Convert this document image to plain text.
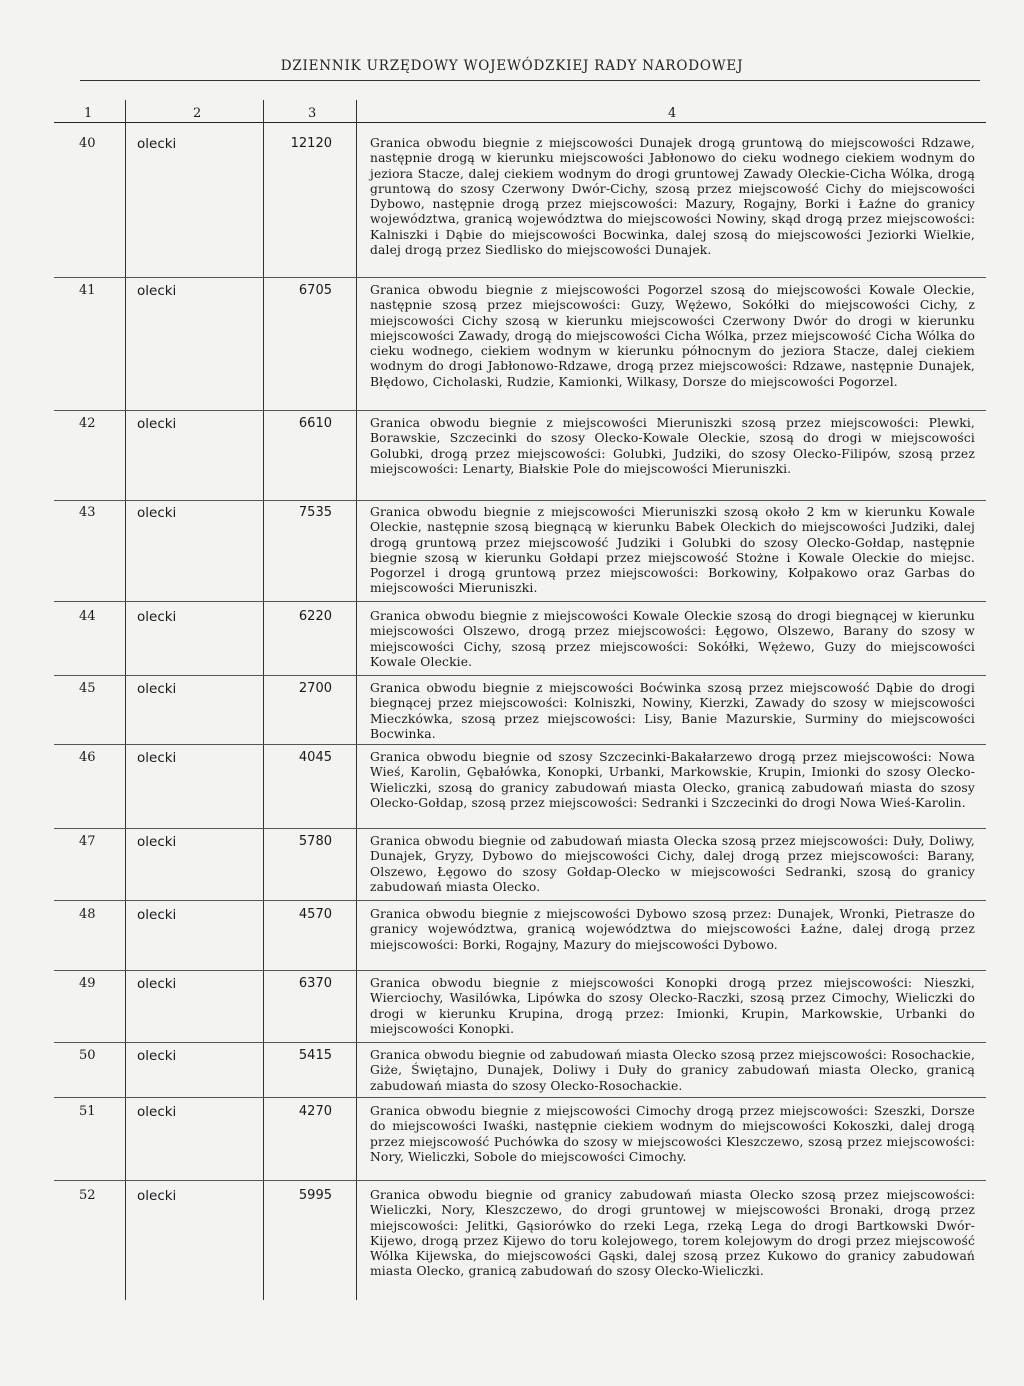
DZIENNIK URZĘDOWY WOJEWÓDZKIEJ RADY NARODOWEJ
1	2	3	4
40	olecki	12120	Granica obwodu biegnie z miejscowości Dunajek drogą gruntową do miejscowości Rdzawe, następnie drogą w kierunku miejscowości Jabłonowo do cieku wodnego ciekiem wodnym do jeziora Stacze, dalej ciekiem wodnym do drogi gruntowej Zawady Oleckie-Cicha Wólka, drogą gruntową do szosy Czerwony Dwór-Cichy, szosą przez miejscowość Cichy do miejscowości Dybowo, następnie drogą przez miejscowości: Mazury, Rogajny, Borki i Łaźne do granicy województwa, granicą województwa do miejscowości Nowiny, skąd drogą przez miejscowości: Kalniszki i Dąbie do miejscowości Bocwinka, dalej szosą do miejscowości Jeziorki Wielkie, dalej drogą przez Siedlisko do miejscowości Dunajek.
41	olecki	6705	Granica obwodu biegnie z miejscowości Pogorzel szosą do miejscowości Kowale Oleckie, następnie szosą przez miejscowości: Guzy, Wężewo, Sokółki do miejscowości Cichy, z miejscowości Cichy szosą w kierunku miejscowości Czerwony Dwór do drogi w kierunku miejscowości Zawady, drogą do miejscowości Cicha Wólka, przez miejscowość Cicha Wólka do cieku wodnego, ciekiem wodnym w kierunku północnym do jeziora Stacze, dalej ciekiem wodnym do drogi Jabłonowo-Rdzawe, drogą przez miejscowości: Rdzawe, następnie Dunajek, Błędowo, Cicholaski, Rudzie, Kamionki, Wilkasy, Dorsze do miejscowości Pogorzel.
42	olecki	6610	Granica obwodu biegnie z miejscowości Mieruniszki szosą przez miejscowości: Plewki, Borawskie, Szczecinki do szosy Olecko-Kowale Oleckie, szosą do drogi w miejscowości Golubki, drogą przez miejscowości: Golubki, Judziki, do szosy Olecko-Filipów, szosą przez miejscowości: Lenarty, Białskie Pole do miejscowości Mieruniszki.
43	olecki	7535	Granica obwodu biegnie z miejscowości Mieruniszki szosą około 2 km w kierunku Kowale Oleckie, następnie szosą biegnącą w kierunku Babek Oleckich do miejscowości Judziki, dalej drogą gruntową przez miejscowość Judziki i Golubki do szosy Olecko-Gołdap, następnie biegnie szosą w kierunku Gołdapi przez miejscowość Stożne i Kowale Oleckie do miejsc. Pogorzel i drogą gruntową przez miejscowości: Borkowiny, Kołpakowo oraz Garbas do miejscowości Mieruniszki.
44	olecki	6220	Granica obwodu biegnie z miejscowości Kowale Oleckie szosą do drogi biegnącej w kierunku miejscowości Olszewo, drogą przez miejscowości: Łęgowo, Olszewo, Barany do szosy w miejscowości Cichy, szosą przez miejscowości: Sokółki, Wężewo, Guzy do miejscowości Kowale Oleckie.
45	olecki	2700	Granica obwodu biegnie z miejscowości Boćwinka szosą przez miejscowość Dąbie do drogi biegnącej przez miejscowości: Kolniszki, Nowiny, Kierzki, Zawady do szosy w miejscowości Mieczkówka, szosą przez miejscowości: Lisy, Banie Mazurskie, Surminy do miejscowości Bocwinka.
46	olecki	4045	Granica obwodu biegnie od szosy Szczecinki-Bakałarzewo drogą przez miejscowości: Nowa Wieś, Karolin, Gębałówka, Konopki, Urbanki, Markowskie, Krupin, Imionki do szosy Olecko-Wieliczki, szosą do granicy zabudowań miasta Olecko, granicą zabudowań miasta do szosy Olecko-Gołdap, szosą przez miejscowości: Sedranki i Szczecinki do drogi Nowa Wieś-Karolin.
47	olecki	5780	Granica obwodu biegnie od zabudowań miasta Olecka szosą przez miejscowości: Duły, Doliwy, Dunajek, Gryzy, Dybowo do miejscowości Cichy, dalej drogą przez miejscowości: Barany, Olszewo, Łęgowo do szosy Gołdap-Olecko w miejscowości Sedranki, szosą do granicy zabudowań miasta Olecko.
48	olecki	4570	Granica obwodu biegnie z miejscowości Dybowo szosą przez: Dunajek, Wronki, Pietrasze do granicy województwa, granicą województwa do miejscowości Łaźne, dalej drogą przez miejscowości: Borki, Rogajny, Mazury do miejscowości Dybowo.
49	olecki	6370	Granica obwodu biegnie z miejscowości Konopki drogą przez miejscowości: Nieszki, Wierciochy, Wasilówka, Lipówka do szosy Olecko-Raczki, szosą przez Cimochy, Wieliczki do drogi w kierunku Krupina, drogą przez: Imionki, Krupin, Markowskie, Urbanki do miejscowości Konopki.
50	olecki	5415	Granica obwodu biegnie od zabudowań miasta Olecko szosą przez miejscowości: Rosochackie, Giże, Świętajno, Dunajek, Doliwy i Duły do granicy zabudowań miasta Olecko, granicą zabudowań miasta do szosy Olecko-Rosochackie.
51	olecki	4270	Granica obwodu biegnie z miejscowości Cimochy drogą przez miejscowości: Szeszki, Dorsze do miejscowości Iwaśki, następnie ciekiem wodnym do miejscowości Kokoszki, dalej drogą przez miejscowość Puchówka do szosy w miejscowości Kleszczewo, szosą przez miejscowości: Nory, Wieliczki, Sobole do miejscowości Cimochy.
52	olecki	5995	Granica obwodu biegnie od granicy zabudowań miasta Olecko szosą przez miejscowości: Wieliczki, Nory, Kleszczewo, do drogi gruntowej w miejscowości Bronaki, drogą przez miejscowości: Jelitki, Gąsiorówko do rzeki Lega, rzeką Lega do drogi Bartkowski Dwór-Kijewo, drogą przez Kijewo do toru kolejowego, torem kolejowym do drogi przez miejscowość Wólka Kijewska, do miejscowości Gąski, dalej szosą przez Kukowo do granicy zabudowań miasta Olecko, granicą zabudowań do szosy Olecko-Wieliczki.
